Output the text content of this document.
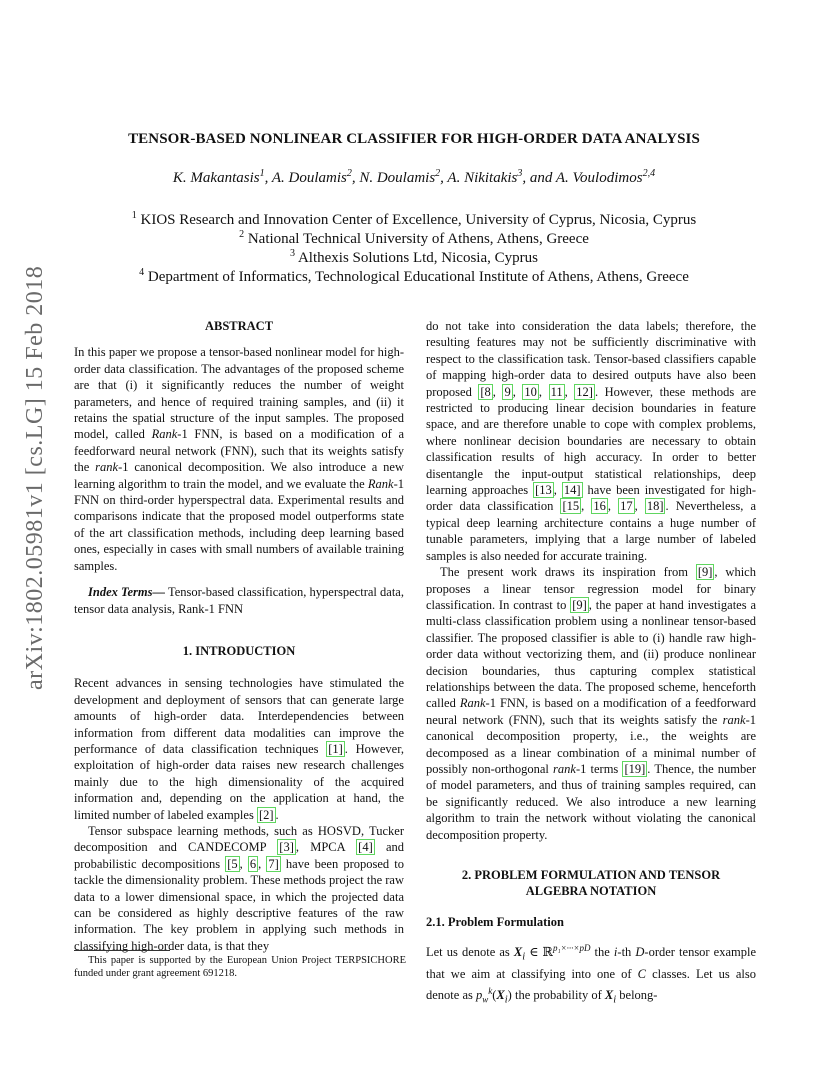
arXiv:1802.05981v1 [cs.LG] 15 Feb 2018
TENSOR-BASED NONLINEAR CLASSIFIER FOR HIGH-ORDER DATA ANALYSIS
K. Makantasis$^1$, A. Doulamis$^2$, N. Doulamis$^2$, A. Nikitakis$^3$, and A. Voulodimos$^{2,4}$
$^1$ KIOS Research and Innovation Center of Excellence, University of Cyprus, Nicosia, Cyprus
$^2$ National Technical University of Athens, Athens, Greece
$^3$ Althexis Solutions Ltd, Nicosia, Cyprus
$^4$ Department of Informatics, Technological Educational Institute of Athens, Athens, Greece
ABSTRACT

In this paper we propose a tensor-based nonlinear model for high-order data classification. The advantages of the proposed scheme are that (i) it significantly reduces the number of weight parameters, and hence of required training samples, and (ii) it retains the spatial structure of the input samples. The proposed model, called Rank-1 FNN, is based on a modification of a feedforward neural network (FNN), such that its weights satisfy the rank-1 canonical decomposition. We also introduce a new learning algorithm to train the model, and we evaluate the Rank-1 FNN on third-order hyperspectral data. Experimental results and comparisons indicate that the proposed model outperforms state of the art classification methods, including deep learning based ones, especially in cases with small numbers of available training samples.

Index Terms— Tensor-based classification, hyperspectral data, tensor data analysis, Rank-1 FNN

1. INTRODUCTION

Recent advances in sensing technologies have stimulated the development and deployment of sensors that can generate large amounts of high-order data. Interdependencies between information from different data modalities can improve the performance of data classification techniques [1] . However, exploitation of high-order data raises new research challenges mainly due to the high dimensionality of the acquired information and, depending on the application at hand, the limited number of labeled examples [2] .

Tensor subspace learning methods, such as HOSVD, Tucker decomposition and CANDECOMP [3] , MPCA [4] and probabilistic decompositions [5 , 6 , 7] have been proposed to tackle the dimensionality problem. These methods project the raw data to a lower dimensional space, in which the projected data can be considered as highly descriptive features of the raw information. The key problem in applying such methods in classifying high-order data, is that they

This paper is supported by the European Union Project TERPSICHORE funded under grant agreement 691218.

do not take into consideration the data labels; therefore, the resulting features may not be sufficiently discriminative with respect to the classification task. Tensor-based classifiers capable of mapping high-order data to desired outputs have also been proposed [8 , 9 , 10 , 11 , 12] . However, these methods are restricted to producing linear decision boundaries in feature space, and are therefore unable to cope with complex problems, where nonlinear decision boundaries are necessary to obtain classification results of high accuracy. In order to better disentangle the input-output statistical relationships, deep learning approaches [13 , 14] have been investigated for high-order data classification [15 , 16 , 17 , 18] . Nevertheless, a typical deep learning architecture contains a huge number of tunable parameters, implying that a large number of labeled samples is also needed for accurate training.

The present work draws its inspiration from [9] , which proposes a linear tensor regression model for binary classification. In contrast to [9] , the paper at hand investigates a multi-class classification problem using a nonlinear tensor-based classifier. The proposed classifier is able to (i) handle raw high-order data without vectorizing them, and (ii) produce nonlinear decision boundaries, thus capturing complex statistical relationships between the data. The proposed scheme, henceforth called Rank-1 FNN, is based on a modification of a feedforward neural network (FNN), such that its weights satisfy the rank-1 canonical decomposition property, i.e., the weights are decomposed as a linear combination of a minimal number of possibly non-orthogonal rank-1 terms [19] . Thence, the number of model parameters, and thus of training samples required, can be significantly reduced. We also introduce a new learning algorithm to train the network without violating the canonical decomposition property.

2. PROBLEM FORMULATION AND TENSOR
ALGEBRA NOTATION
2.1. Problem Formulation

Let us denote as $X_i$ ∈ ℝ$^{p_1\times\cdot\cdot\cdot\times pD}$ the i-th D-order tensor example that we aim at classifying into one of C classes. Let us also denote as $p_w^k(X_i)$ the probability of $X_i$ belong-
